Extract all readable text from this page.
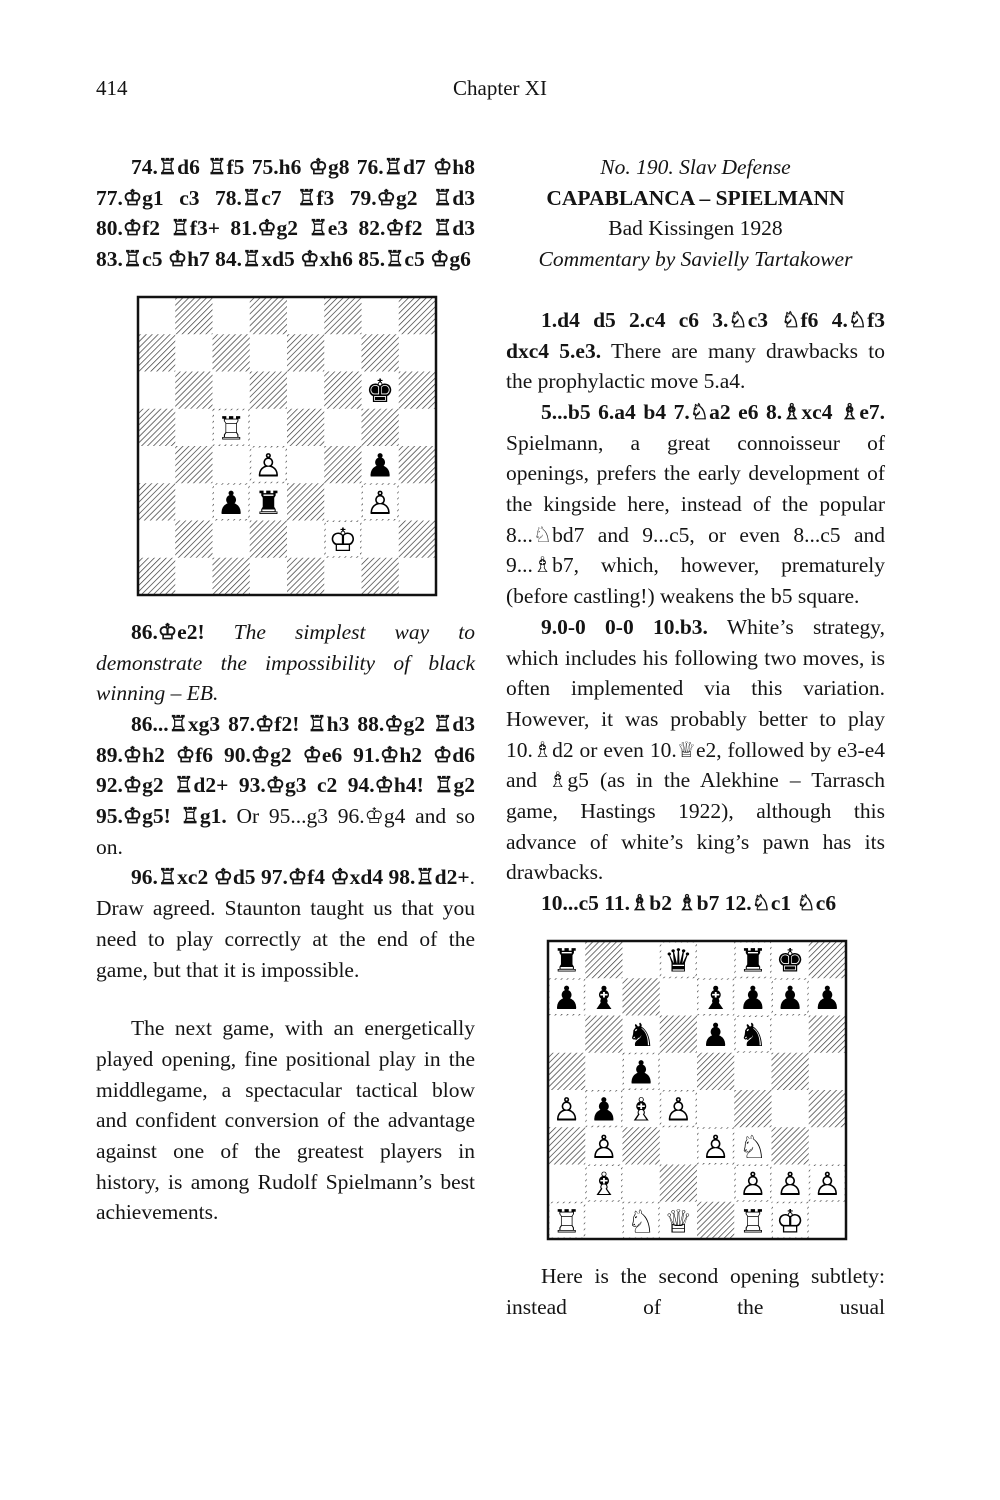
414	Chapter XI

74.♖d6 ♖f5 75.h6 ♔g8 76.♖d7 ♔h8 77.♔g1 c3 78.♖c7 ♖f3 79.♔g2 ♖d3 80.♔f2 ♖f3+ 81.♔g2 ♖e3 82.♔f2 ♖d3 83.♖c5 ♔h7 84.♖xd5 ♔xh6 85.♖c5 ♔g6

♚
♖
♙	♟
♟ ♜	♙
♔

86.♔e2! The simplest way to demonstrate the impossibility of black winning – EB.

86...♖xg3 87.♔f2! ♖h3 88.♔g2 ♖d3 89.♔h2 ♔f6 90.♔g2 ♔e6 91.♔h2 ♔d6 92.♔g2 ♖d2+ 93.♔g3 c2 94.♔h4! ♖g2 95.♔g5! ♖g1. Or 95...g3 96.♔g4 and so on.

96.♖xc2 ♔d5 97.♔f4 ♔xd4 98.♖d2+. Draw agreed. Staunton taught us that you need to play correctly at the end of the game, but that it is impossible.

The next game, with an energetically played opening, fine positional play in the middlegame, a spectacular tactical blow and confident conversion of the advantage against one of the greatest players in history, is among Rudolf Spielmann’s best achievements.

No. 190. Slav Defense
CAPABLANCA – SPIELMANN
Bad Kissingen 1928
Commentary by Savielly Tartakower

1.d4 d5 2.c4 c6 3.♘c3 ♘f6 4.♘f3 dxc4 5.e3. There are many drawbacks to the prophylactic move 5.a4.

5...b5 6.a4 b4 7.♘a2 e6 8.♗xc4 ♗e7. Spielmann, a great connoisseur of openings, prefers the early development of the kingside here, instead of the popular 8...♘bd7 and 9...c5, or even 8...c5 and 9...♗b7, which, however, prematurely (before castling!) weakens the b5 square.

9.0-0 0-0 10.b3. White’s strategy, which includes his following two moves, is often implemented via this variation. However, it was probably better to play 10.♗d2 or even 10.♕e2, followed by e3-e4 and ♗g5 (as in the Alekhine – Tarrasch game, Hastings 1922), although this advance of white’s king’s pawn has its drawbacks.

10...c5 11.♗b2 ♗b7 12.♘c1 ♘c6

♜	♛ ♜ ♚
♟ ♝	♝ ♟ ♟ ♟
♞ ♟ ♞
♟
♙ ♟ ♗ ♙
♙	♙ ♘
♗	♙ ♙ ♙
♖ ♘ ♕ ♖ ♔

Here is the second opening subtlety: instead of the usual
